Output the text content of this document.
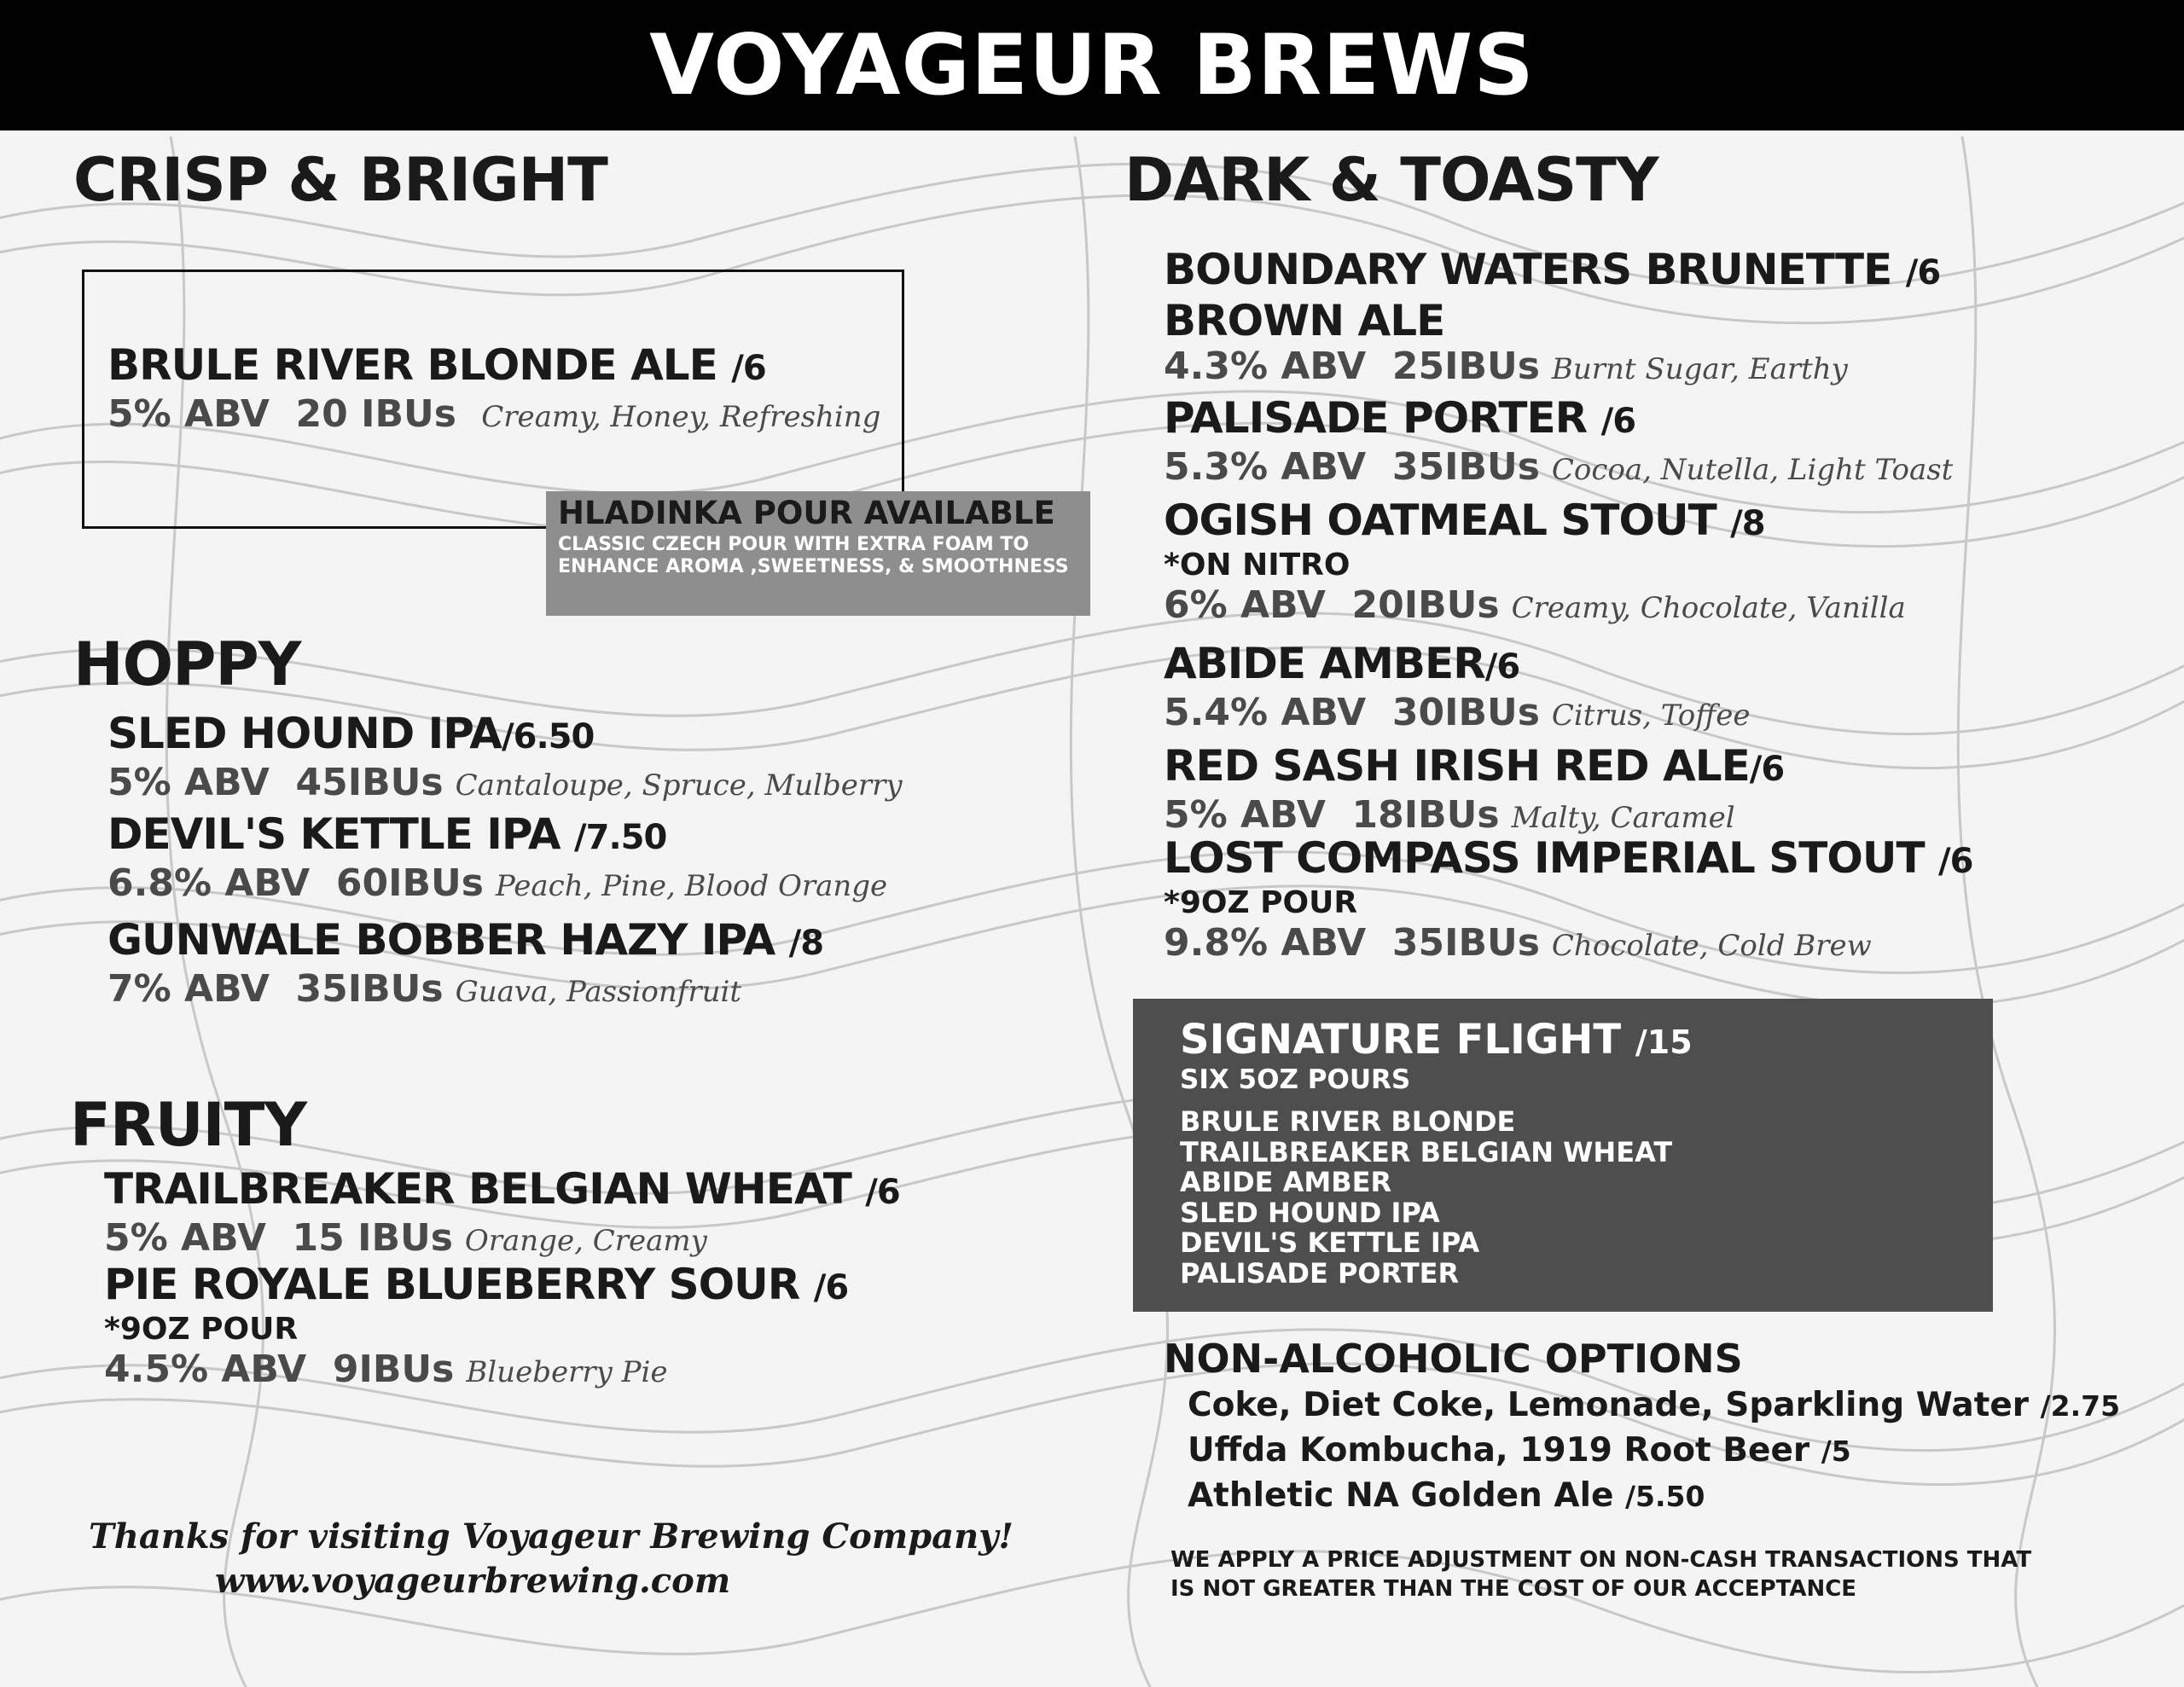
VOYAGEUR BREWS
CRISP & BRIGHT
BRULE RIVER BLONDE ALE /6
5% ABV 20 IBUs Creamy, Honey, Refreshing
HLADINKA POUR AVAILABLE
CLASSIC CZECH POUR WITH EXTRA FOAM TO ENHANCE AROMA ,SWEETNESS, & SMOOTHNESS
HOPPY
SLED HOUND IPA/6.50
5% ABV 45IBUs Cantaloupe, Spruce, Mulberry
DEVIL'S KETTLE IPA /7.50
6.8% ABV 60IBUs Peach, Pine, Blood Orange
GUNWALE BOBBER HAZY IPA /8
7% ABV 35IBUs Guava, Passionfruit
FRUITY
TRAILBREAKER BELGIAN WHEAT /6
5% ABV 15 IBUs Orange, Creamy
PIE ROYALE BLUEBERRY SOUR /6
*9OZ POUR
4.5% ABV 9IBUs Blueberry Pie
Thanks for visiting Voyageur Brewing Company!
www.voyageurbrewing.com
DARK & TOASTY
BOUNDARY WATERS BRUNETTE /6
BROWN ALE
4.3% ABV 25IBUs Burnt Sugar, Earthy
PALISADE PORTER /6
5.3% ABV 35IBUs Cocoa, Nutella, Light Toast
OGISH OATMEAL STOUT /8
*ON NITRO
6% ABV 20IBUs Creamy, Chocolate, Vanilla
ABIDE AMBER/6
5.4% ABV 30IBUs Citrus, Toffee
RED SASH IRISH RED ALE/6
5% ABV 18IBUs Malty, Caramel
LOST COMPASS IMPERIAL STOUT /6
*9OZ POUR
9.8% ABV 35IBUs Chocolate, Cold Brew
SIGNATURE FLIGHT /15
SIX 5OZ POURS
BRULE RIVER BLONDE
TRAILBREAKER BELGIAN WHEAT
ABIDE AMBER
SLED HOUND IPA
DEVIL'S KETTLE IPA
PALISADE PORTER
NON-ALCOHOLIC OPTIONS
Coke, Diet Coke, Lemonade, Sparkling Water /2.75
Uffda Kombucha, 1919 Root Beer /5
Athletic NA Golden Ale /5.50
WE APPLY A PRICE ADJUSTMENT ON NON-CASH TRANSACTIONS THAT
IS NOT GREATER THAN THE COST OF OUR ACCEPTANCE
